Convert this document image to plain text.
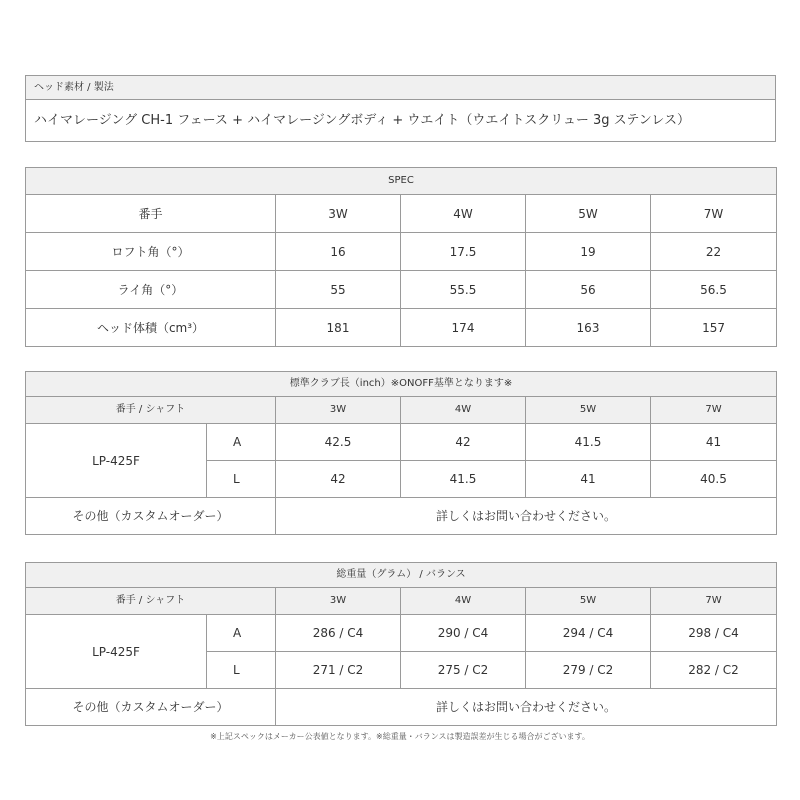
ヘッド素材 / 製法
ハイマレージング CH-1 フェース + ハイマレージングボディ + ウエイト（ウエイトスクリュー 3g ステンレス）
SPEC				
番手	3W	4W	5W	7W
ロフト角（°）	16	17.5	19	22
ライ角（°）	55	55.5	56	56.5
ヘッド体積（cm³）	181	174	163	157
標準クラブ長（inch）※ONOFF基準となります※					
番手 / シャフト		3W	4W	5W	7W
LP-425F	A	42.5	42	41.5	41
	L	42	41.5	41	40.5
その他（カスタムオーダー）		詳しくはお問い合わせください。			
総重量（グラム） / バランス					
番手 / シャフト		3W	4W	5W	7W
LP-425F	A	286 / C4	290 / C4	294 / C4	298 / C4
	L	271 / C2	275 / C2	279 / C2	282 / C2
その他（カスタムオーダー）		詳しくはお問い合わせください。			
※上記スペックはメーカー公表値となります。※総重量・バランスは製造誤差が生じる場合がございます。
